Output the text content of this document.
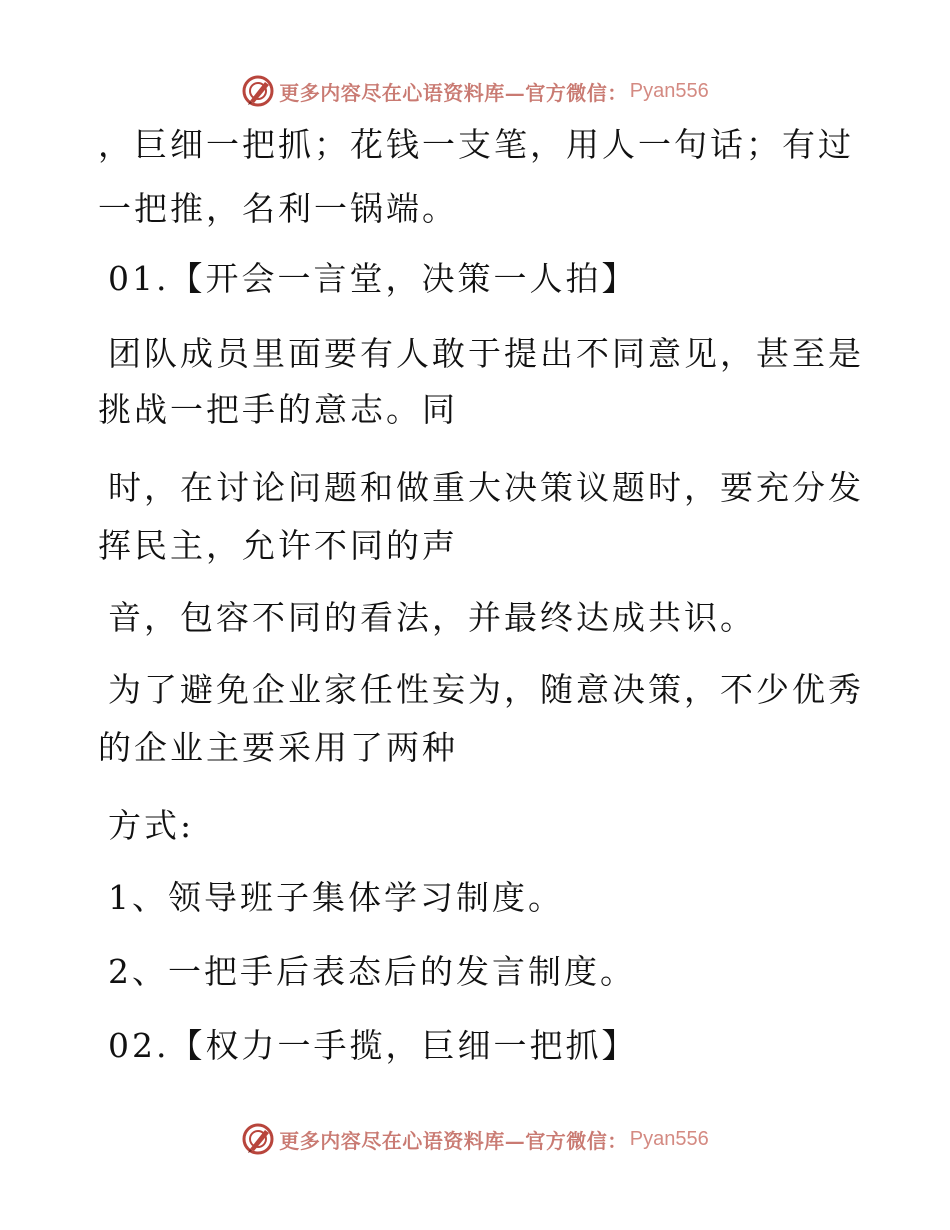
更多内容尽在心语资料库—官方微信： Pyan556
，巨细一把抓；花钱一支笔，用人一句话；有过
一把推，名利一锅端。
01.【开会一言堂，决策一人拍】
团队成员里面要有人敢于提出不同意见，甚至是
挑战一把手的意志。同
时，在讨论问题和做重大决策议题时，要充分发
挥民主，允许不同的声
音，包容不同的看法，并最终达成共识。
为了避免企业家任性妄为，随意决策，不少优秀
的企业主要采用了两种
方式:
1、领导班子集体学习制度。
2、一把手后表态后的发言制度。
02.【权力一手揽，巨细一把抓】
更多内容尽在心语资料库—官方微信： Pyan556
